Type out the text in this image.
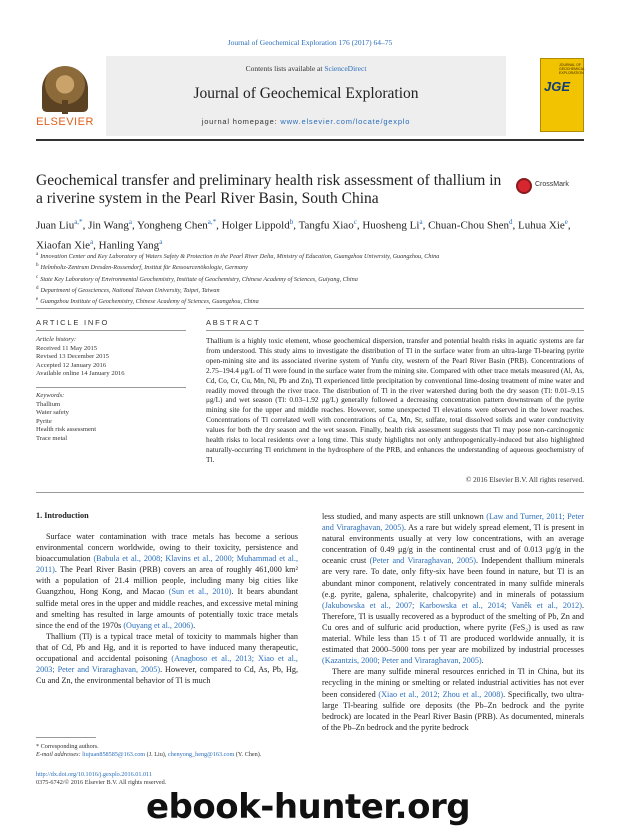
Journal of Geochemical Exploration 176 (2017) 64–75
ELSEVIER
Contents lists available at ScienceDirect
Journal of Geochemical Exploration
journal homepage: www.elsevier.com/locate/gexplo
JOURNAL OF GEOCHEMICAL EXPLORATION
JGE
Geochemical transfer and preliminary health risk assessment of thallium in a riverine system in the Pearl River Basin, South China
CrossMark
Juan Liu$^{a,*}$, Jin Wang$^a$, Yongheng Chen$^{a,*}$, Holger Lippold$^b$, Tangfu Xiao$^c$, Huosheng Li$^a$, Chuan-Chou Shen$^d$, Luhua Xie$^e$, Xiaofan Xie$^a$, Hanling Yang$^a$
$^a$ Innovation Center and Key Laboratory of Waters Safety & Protection in the Pearl River Delta, Ministry of Education, Guangzhou University, Guangzhou, China
$^b$ Helmholtz-Zentrum Dresden-Rossendorf, Institut für Ressourcenökologie, Germany
$^c$ State Key Laboratory of Environmental Geochemistry, Institute of Geochemistry, Chinese Academy of Sciences, Guiyang, China
$^d$ Department of Geosciences, National Taiwan University, Taipei, Taiwan
$^e$ Guangzhou Institute of Geochemistry, Chinese Academy of Sciences, Guangzhou, China
ARTICLE INFO	ABSTRACT
Article history:
Received 11 May 2015
Revised 13 December 2015
Accepted 12 January 2016
Available online 14 January 2016
Keywords:
Thallium
Water safety
Pyrite
Health risk assessment
Trace metal
Thallium is a highly toxic element, whose geochemical dispersion, transfer and potential health risks in aquatic systems are far from understood. This study aims to investigate the distribution of Tl in the surface water from an ultra-large Tl-bearing pyrite open-mining site and its associated riverine system of Yunfu city, western of the Pearl River Basin (PRB). Concentrations of 2.75–194.4 μg/L of Tl were found in the surface water from the mining site. Compared with other trace metals measured (Al, As, Cd, Co, Cr, Cu, Mn, Ni, Pb and Zn), Tl experienced little precipitation by conventional lime-dosing treatment of mine water and readily moved through the river trace. The distribution of Tl in the river watershed during both the dry season (Tl: 0.01–9.15 μg/L) and wet season (Tl: 0.03–1.92 μg/L) generally followed a decreasing concentration pattern downstream of the pyrite mining site for the upper and middle reaches. However, some unexpected Tl elevations were observed in the lower reaches. Concentrations of Tl correlated well with concentrations of Ca, Mn, Sr, sulfate, total dissolved solids and water conductivity values for both the dry season and the wet season. Finally, health risk assessment suggests that Tl may pose non-carcinogenic health risks to local residents over a long time. This study highlights not only anthropogenically-induced but also highlighted naturally-occurring Tl enrichment in the hydrosphere of the PRB, and enhances the understanding of aqueous geochemistry of Tl.
© 2016 Elsevier B.V. All rights reserved.
1. Introduction

Surface water contamination with trace metals has become a serious environmental concern worldwide, owing to their toxicity, persistence and bioaccumulation (Babula et al., 2008; Klavins et al., 2000; Muhammad et al., 2011). The Pearl River Basin (PRB) covers an area of roughly 461,000 km² with a population of 21.4 million people, including many big cities like Guangzhou, Hong Kong, and Macao (Sun et al., 2010). It bears abundant sulfide metal ores in the upper and middle reaches, and excessive metal mining and smelting has resulted in large amounts of potentially toxic trace metals since the end of the 1970s (Ouyang et al., 2006).

Thallium (Tl) is a typical trace metal of toxicity to mammals higher than that of Cd, Pb and Hg, and it is reported to have induced many therapeutic, occupational and accidental poisoning (Anagboso et al., 2013; Xiao et al., 2003; Peter and Viraraghavan, 2005). However, compared to Cd, As, Pb, Hg, Cu and Zn, the environmental behavior of Tl is much

less studied, and many aspects are still unknown (Law and Turner, 2011; Peter and Viraraghavan, 2005). As a rare but widely spread element, Tl is present in natural environments usually at very low concentrations, with an average concentration of 0.49 μg/g in the continental crust and of 0.013 μg/g in the oceanic crust (Peter and Viraraghavan, 2005). Independent thallium minerals are very rare. To date, only fifty-six have been found in nature, but Tl is an abundant minor component, relatively concentrated in many sulfide minerals (e.g. pyrite, galena, sphalerite, chalcopyrite) and in minerals of potassium (Jakubowska et al., 2007; Karbowska et al., 2014; Vaněk et al., 2012). Therefore, Tl is usually recovered as a byproduct of the smelting of Pb, Zn and Cu ores and of sulfuric acid production, where pyrite (FeS₂) is used as raw material. While less than 15 t of Tl are produced worldwide annually, it is estimated that 2000–5000 tons per year are mobilized by industrial processes (Kazantzis, 2000; Peter and Viraraghavan, 2005).

There are many sulfide mineral resources enriched in Tl in China, but its recycling in the mining or smelting or related industrial activities has not ever been considered (Xiao et al., 2012; Zhou et al., 2008). Specifically, two ultra-large Tl-bearing sulfide ore deposits (the Pb–Zn bedrock and the pyrite bedrock) are located in the Pearl River Basin (PRB). As documented, minerals of the Pb–Zn bedrock and the pyrite bedrock

* Corresponding authors.
E-mail addresses: liujuan858585@163.com (J. Liu), chenyong_heng@163.com (Y. Chen).
http://dx.doi.org/10.1016/j.gexplo.2016.01.011
0375-6742/© 2016 Elsevier B.V. All rights reserved.
ebook-hunter.org
